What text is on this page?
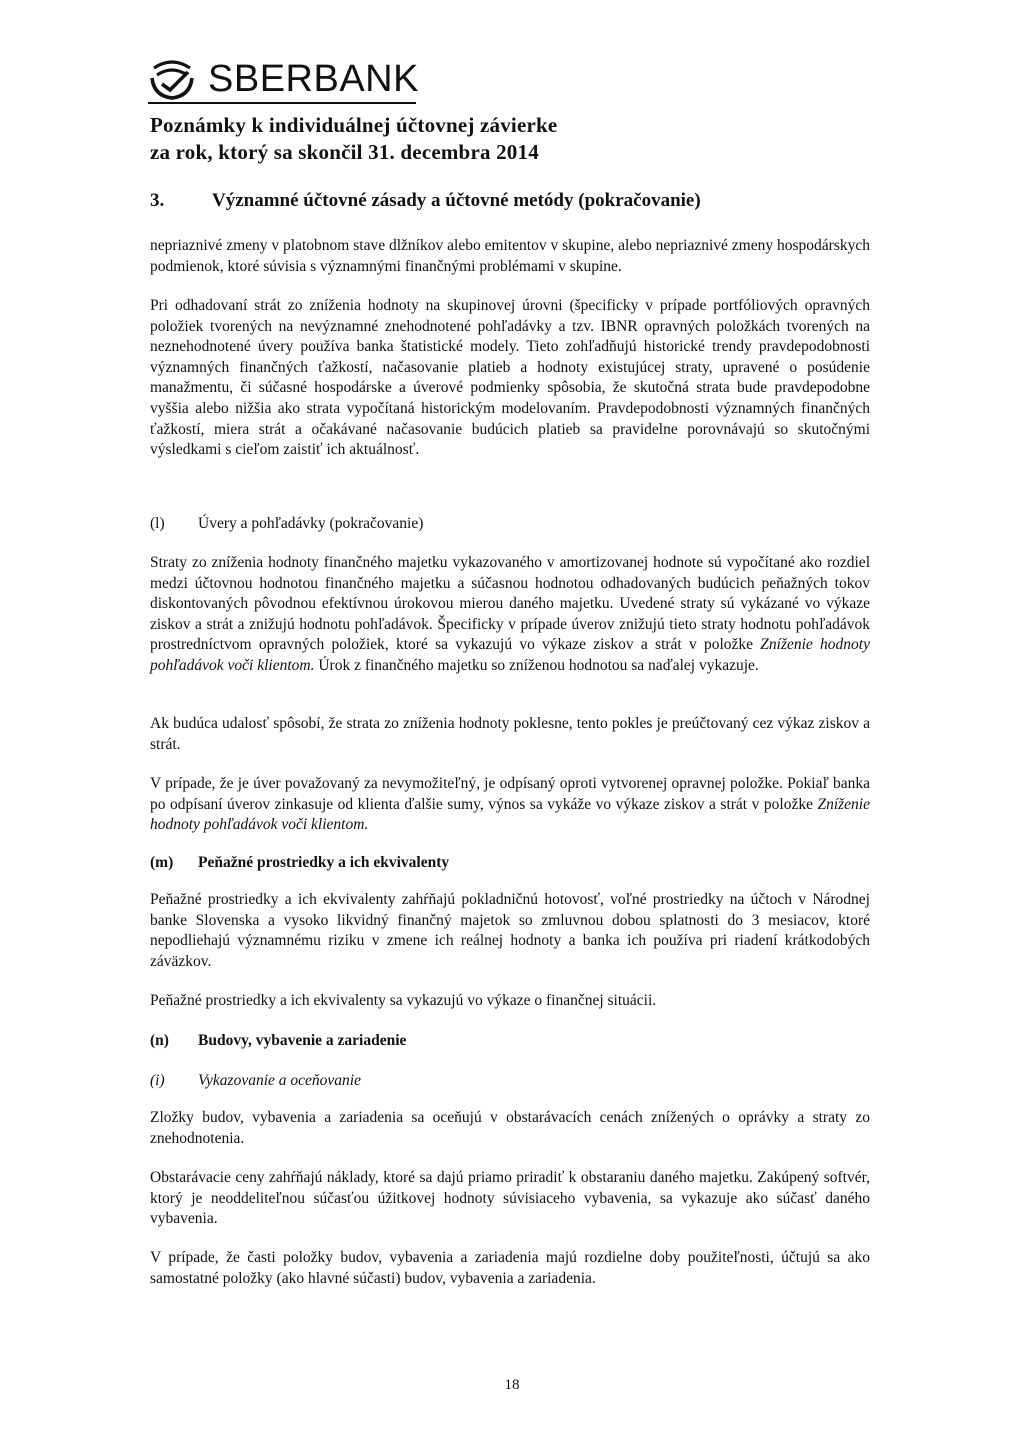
SBERBANK
Poznámky k individuálnej účtovnej závierke
za rok, ktorý sa skončil 31. decembra 2014
3.	Významné účtovné zásady a účtovné metódy (pokračovanie)
nepriaznivé zmeny v platobnom stave dlžníkov alebo emitentov v skupine, alebo nepriaznivé zmeny hospodárskych podmienok, ktoré súvisia s významnými finančnými problémami v skupine.
Pri odhadovaní strát zo zníženia hodnoty na skupinovej úrovni (špecificky v prípade portfóliových opravných položiek tvorených na nevýznamné znehodnotené pohľadávky a tzv. IBNR opravných položkách tvorených na neznehodnotené úvery používa banka štatistické modely. Tieto zohľadňujú historické trendy pravdepodobnosti významných finančných ťažkostí, načasovanie platieb a hodnoty existujúcej straty, upravené o posúdenie manažmentu, či súčasné hospodárske a úverové podmienky spôsobia, že skutočná strata bude pravdepodobne vyššia alebo nižšia ako strata vypočítaná historickým modelovaním. Pravdepodobnosti významných finančných ťažkostí, miera strát a očakávané načasovanie budúcich platieb sa pravidelne porovnávajú so skutočnými výsledkami s cieľom zaistiť ich aktuálnosť.
(l) Úvery a pohľadávky (pokračovanie)
Straty zo zníženia hodnoty finančného majetku vykazovaného v amortizovanej hodnote sú vypočítané ako rozdiel medzi účtovnou hodnotou finančného majetku a súčasnou hodnotou odhadovaných budúcich peňažných tokov diskontovaných pôvodnou efektívnou úrokovou mierou daného majetku. Uvedené straty sú vykázané vo výkaze ziskov a strát a znižujú hodnotu pohľadávok. Špecificky v prípade úverov znižujú tieto straty hodnotu pohľadávok prostredníctvom opravných položiek, ktoré sa vykazujú vo výkaze ziskov a strát v položke Zníženie hodnoty pohľadávok voči klientom. Úrok z finančného majetku so zníženou hodnotou sa naďalej vykazuje.
Ak budúca udalosť spôsobí, že strata zo zníženia hodnoty poklesne, tento pokles je preúčtovaný cez výkaz ziskov a strát.
V prípade, že je úver považovaný za nevymožiteľný, je odpísaný oproti vytvorenej opravnej položke. Pokiaľ banka po odpísaní úverov zinkasuje od klienta ďalšie sumy, výnos sa vykáže vo výkaze ziskov a strát v položke Zníženie hodnoty pohľadávok voči klientom.
(m) Peňažné prostriedky a ich ekvivalenty
Peňažné prostriedky a ich ekvivalenty zahŕňajú pokladničnú hotovosť, voľné prostriedky na účtoch v Národnej banke Slovenska a vysoko likvidný finančný majetok so zmluvnou dobou splatnosti do 3 mesiacov, ktoré nepodliehajú významnému riziku v zmene ich reálnej hodnoty a banka ich používa pri riadení krátkodobých záväzkov.
Peňažné prostriedky a ich ekvivalenty sa vykazujú vo výkaze o finančnej situácii.
(n) Budovy, vybavenie a zariadenie
(i) Vykazovanie a oceňovanie
Zložky budov, vybavenia a zariadenia sa oceňujú v obstarávacích cenách znížených o oprávky a straty zo znehodnotenia.
Obstarávacie ceny zahŕňajú náklady, ktoré sa dajú priamo priradiť k obstaraniu daného majetku. Zakúpený softvér, ktorý je neoddeliteľnou súčasťou úžitkovej hodnoty súvisiaceho vybavenia, sa vykazuje ako súčasť daného vybavenia.
V prípade, že časti položky budov, vybavenia a zariadenia majú rozdielne doby použiteľnosti, účtujú sa ako samostatné položky (ako hlavné súčasti) budov, vybavenia a zariadenia.
18
